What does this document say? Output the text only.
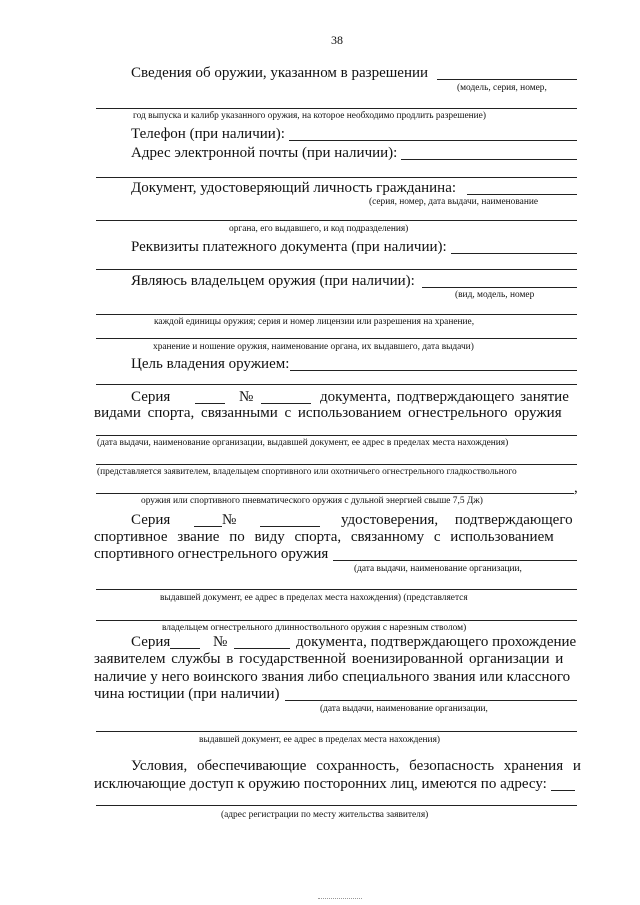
38
Сведения об оружии, указанном в разрешении
(модель, серия, номер,
год выпуска и калибр указанного оружия, на которое необходимо продлить разрешение)
Телефон (при наличии):
Адрес электронной почты (при наличии):
Документ, удостоверяющий личность гражданина:
(серия, номер, дата выдачи, наименование
органа, его выдавшего, и код подразделения)
Реквизиты платежного документа (при наличии):
Являюсь владельцем оружия (при наличии):
(вид, модель, номер
каждой единицы оружия; серия и номер лицензии или разрешения на хранение,
хранение и ношение оружия, наименование органа, их выдавшего, дата выдачи)
Цель владения оружием:
Серия	№	документа, подтверждающего занятие
видами спорта, связанными с использованием огнестрельного оружия
(дата выдачи, наименование организации, выдавшей документ, ее адрес в пределах места нахождения)
(представляется заявителем, владельцем спортивного или охотничьего огнестрельного гладкоствольного
,
оружия или спортивного пневматического оружия с дульной энергией свыше 7,5 Дж)
Серия	№	удостоверения, подтверждающего
спортивное звание по виду спорта, связанному с использованием
спортивного огнестрельного оружия
(дата выдачи, наименование организации,
выдавшей документ, ее адрес в пределах места нахождения) (представляется
владельцем огнестрельного длинноствольного оружия с нарезным стволом)
Серия	№	документа, подтверждающего прохождение
заявителем службы в государственной военизированной организации и
наличие у него воинского звания либо специального звания или классного
чина юстиции (при наличии)
(дата выдачи, наименование организации,
выдавшей документ, ее адрес в пределах места нахождения)
Условия, обеспечивающие сохранность, безопасность хранения и
исключающие доступ к оружию посторонних лиц, имеются по адресу:
(адрес регистрации по месту жительства заявителя)
